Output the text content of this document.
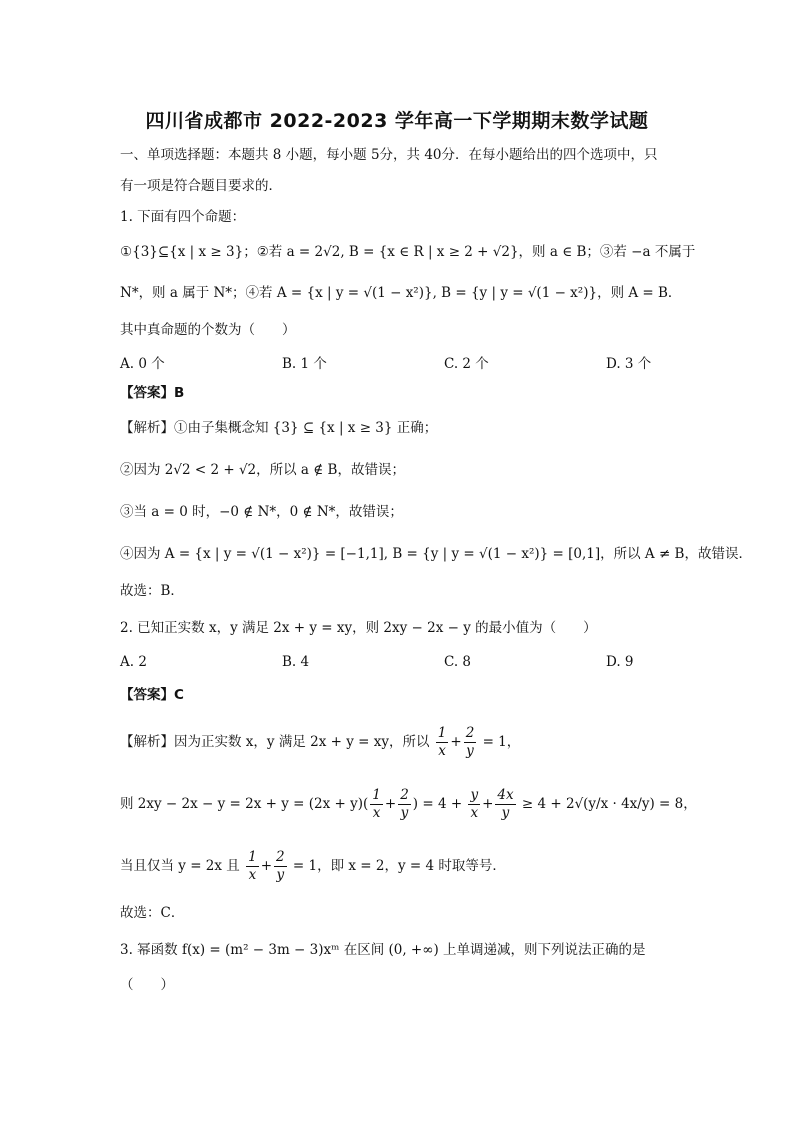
四川省成都市 2022-2023 学年高一下学期期末数学试题
一、单项选择题：本题共 8 小题，每小题 5分，共 40分．在每小题给出的四个选项中，只
有一项是符合题目要求的．
1. 下面有四个命题：
①{3}⊆{x | x ≥ 3}；②若 a = 2√2, B = {x ∈ R | x ≥ 2 + √2}，则 a ∈ B；③若 −a 不属于
N*，则 a 属于 N*；④若 A = {x | y = √(1 − x²)}, B = {y | y = √(1 − x²)}，则 A = B．
其中真命题的个数为（　　）
A. 0 个	B. 1 个	C. 2 个	D. 3 个
【答案】B
【解析】①由子集概念知 {3} ⊆ {x | x ≥ 3} 正确；
②因为 2√2 < 2 + √2，所以 a ∉ B，故错误；
③当 a = 0 时，−0 ∉ N*，0 ∉ N*，故错误；
④因为 A = {x | y = √(1 − x²)} = [−1,1], B = {y | y = √(1 − x²)} = [0,1]，所以 A ≠ B，故错误．
故选：B．
2. 已知正实数 x，y 满足 2x + y = xy，则 2xy − 2x − y 的最小值为（　　）
A. 2	B. 4	C. 8	D. 9
【答案】C
【解析】因为正实数 x，y 满足 2x + y = xy，所以 $\frac{1}{x} + \frac{2}{y} = 1$，
则 $2xy - 2x - y = 2x + y = (2x + y)( \frac{1}{x} + \frac{2}{y}$ ) = $4 + \frac{y}{x} + \frac{4x}{y} \ge 4 + 2√(y/x \cdot 4x/y) = 8$，
当且仅当 y = 2x 且 $\frac{1}{x} + \frac{2}{y} = 1$，即 x = 2，y = 4 时取等号．
故选：C．
3. 幂函数 f(x) = (m² − 3m − 3)xᵐ 在区间 (0, +∞) 上单调递减，则下列说法正确的是
（　　）
